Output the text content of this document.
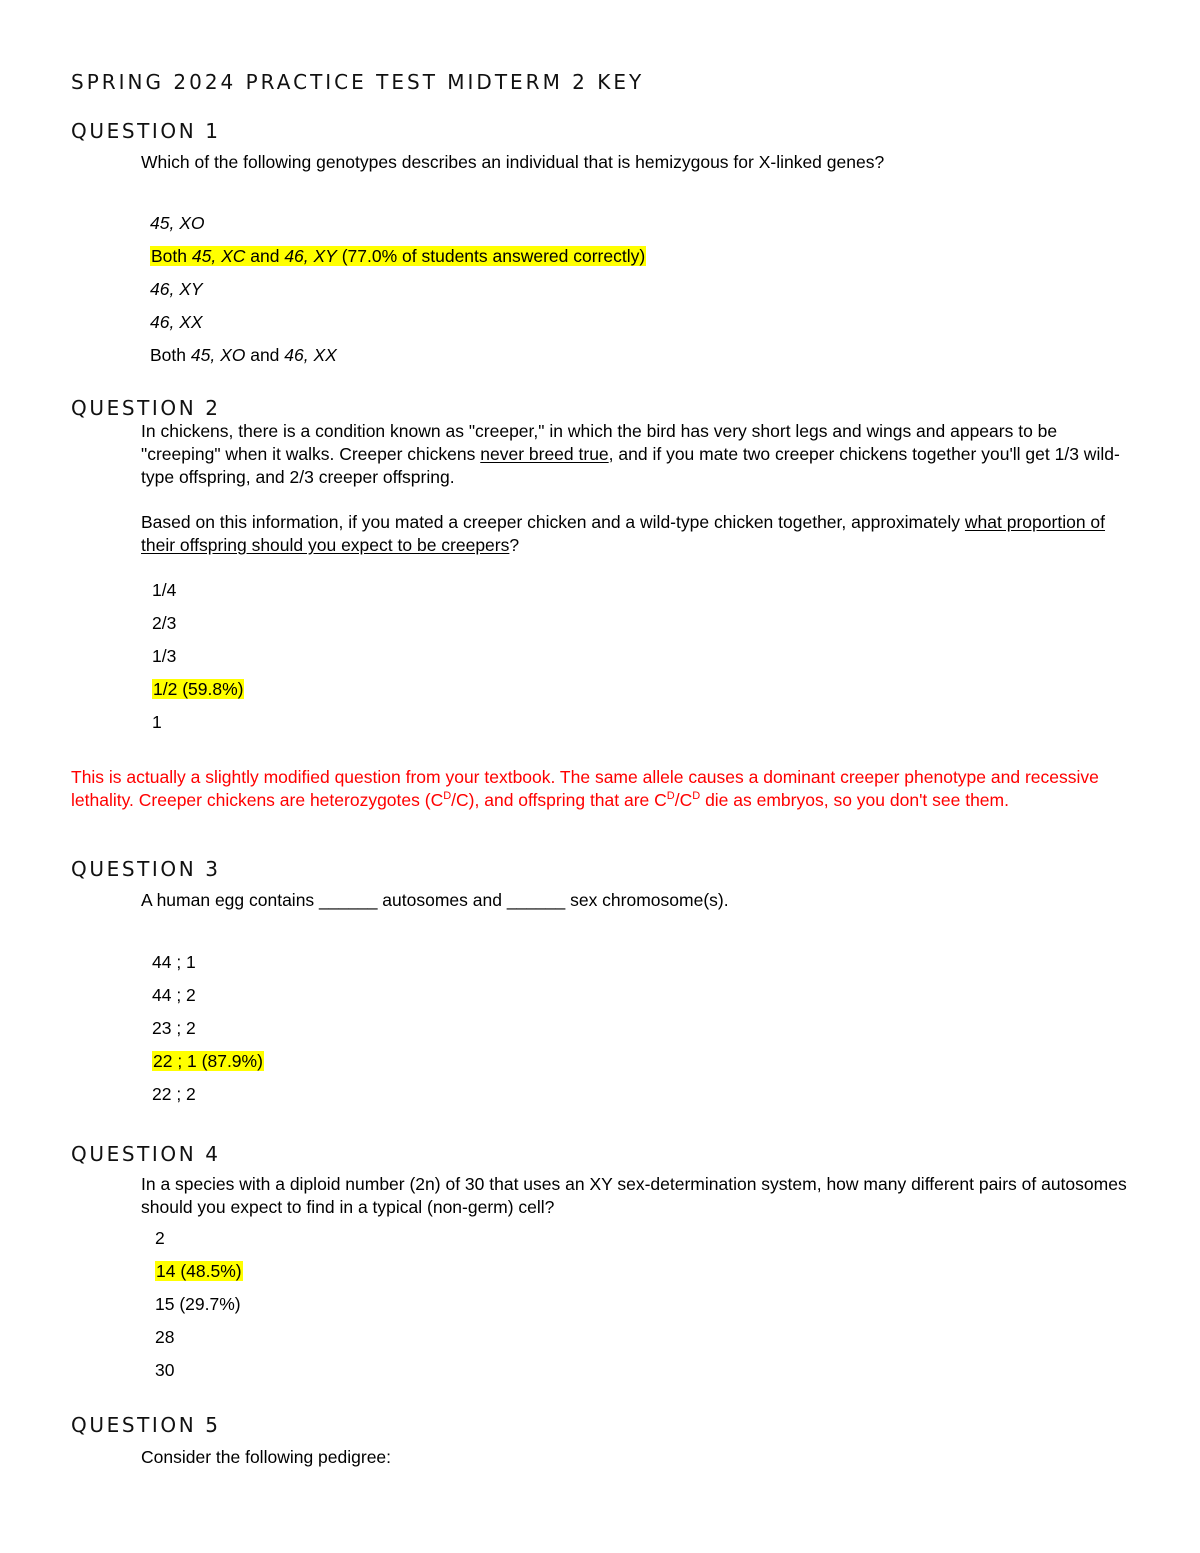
SPRING 2024 PRACTICE TEST MIDTERM 2 KEY
QUESTION 1

Which of the following genotypes describes an individual that is hemizygous for X-linked genes?

45, XO
Both 45, XC and 46, XY (77.0% of students answered correctly)
46, XY
46, XX
Both 45, XO and 46, XX
QUESTION 2

In chickens, there is a condition known as "creeper," in which the bird has very short legs and wings and appears to be "creeping" when it walks. Creeper chickens never breed true, and if you mate two creeper chickens together you'll get 1/3 wild-type offspring, and 2/3 creeper offspring.

Based on this information, if you mated a creeper chicken and a wild-type chicken together, approximately what proportion of their offspring should you expect to be creepers?

1/4
2/3
1/3
1/2 (59.8%)
1

This is actually a slightly modified question from your textbook. The same allele causes a dominant creeper phenotype and recessive lethality. Creeper chickens are heterozygotes $(C^D/C)$, and offspring that are $C^D/C^D$ die as embryos, so you don't see them.

QUESTION 3

A human egg contains ______ autosomes and ______ sex chromosome(s).

44 ; 1
44 ; 2
23 ; 2
22 ; 1 (87.9%)
22 ; 2
QUESTION 4

In a species with a diploid number (2n) of 30 that uses an XY sex-determination system, how many different pairs of autosomes should you expect to find in a typical (non-germ) cell?

2
14 (48.5%)
15 (29.7%)
28
30
QUESTION 5

Consider the following pedigree:
